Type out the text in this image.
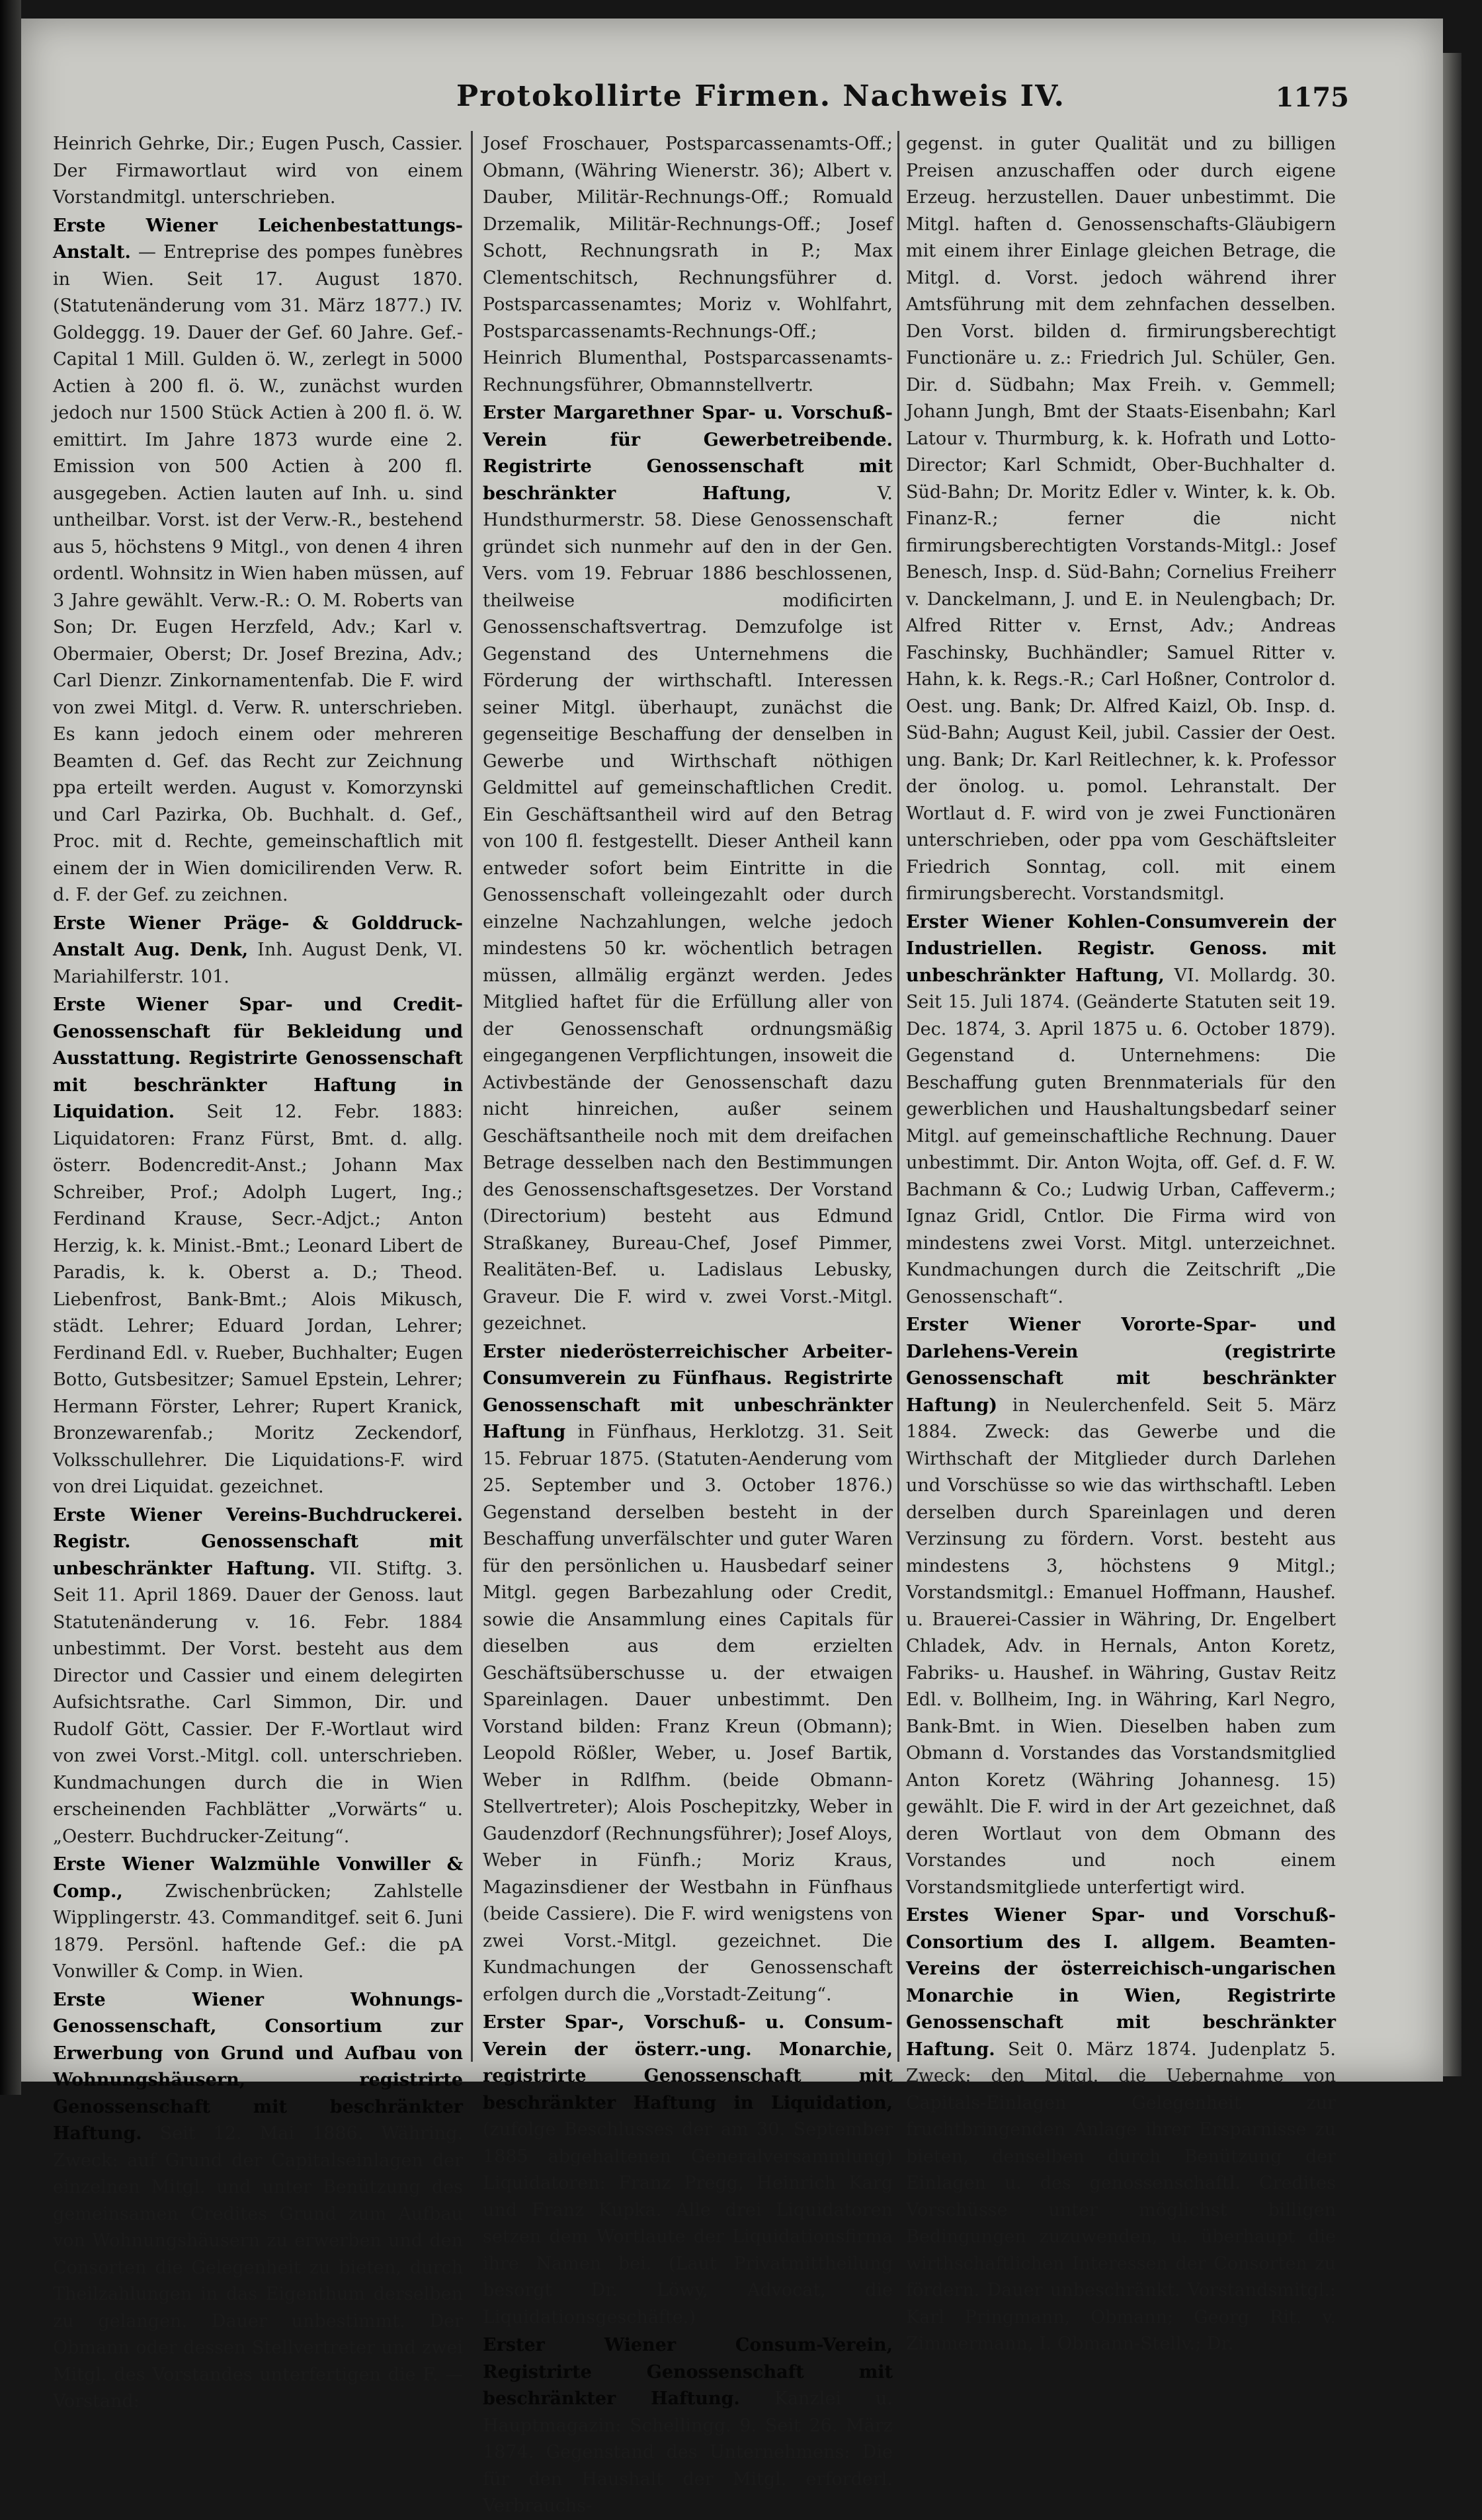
Protokollirte Firmen. Nachweis IV.	1175

Heinrich Gehrke, Dir.; Eugen Pusch, Cassier. Der Firmawortlaut wird von einem Vorstandmitgl. unterschrieben.

Erste Wiener Leichenbestattungs-Anstalt. — Entreprise des pompes funèbres in Wien. Seit 17. August 1870. (Statutenänderung vom 31. März 1877.) IV. Goldeggg. 19. Dauer der Gef. 60 Jahre. Gef.-Capital 1 Mill. Gulden ö. W., zerlegt in 5000 Actien à 200 fl. ö. W., zunächst wurden jedoch nur 1500 Stück Actien à 200 fl. ö. W. emittirt. Im Jahre 1873 wurde eine 2. Emission von 500 Actien à 200 fl. ausgegeben. Actien lauten auf Inh. u. sind untheilbar. Vorst. ist der Verw.-R., bestehend aus 5, höchstens 9 Mitgl., von denen 4 ihren ordentl. Wohnsitz in Wien haben müssen, auf 3 Jahre gewählt. Verw.-R.: O. M. Roberts van Son; Dr. Eugen Herzfeld, Adv.; Karl v. Obermaier, Oberst; Dr. Josef Brezina, Adv.; Carl Dienzr. Zinkornamentenfab. Die F. wird von zwei Mitgl. d. Verw. R. unterschrieben. Es kann jedoch einem oder mehreren Beamten d. Gef. das Recht zur Zeichnung ppa erteilt werden. August v. Komorzynski und Carl Pazirka, Ob. Buchhalt. d. Gef., Proc. mit d. Rechte, gemeinschaftlich mit einem der in Wien domicilirenden Verw. R. d. F. der Gef. zu zeichnen.

Erste Wiener Präge- & Golddruck-Anstalt Aug. Denk, Inh. August Denk, VI. Mariahilferstr. 101.

Erste Wiener Spar- und Credit-Genossenschaft für Bekleidung und Ausstattung. Registrirte Genossenschaft mit beschränkter Haftung in Liquidation. Seit 12. Febr. 1883: Liquidatoren: Franz Fürst, Bmt. d. allg. österr. Bodencredit-Anst.; Johann Max Schreiber, Prof.; Adolph Lugert, Ing.; Ferdinand Krause, Secr.-Adjct.; Anton Herzig, k. k. Minist.-Bmt.; Leonard Libert de Paradis, k. k. Oberst a. D.; Theod. Liebenfrost, Bank-Bmt.; Alois Mikusch, städt. Lehrer; Eduard Jordan, Lehrer; Ferdinand Edl. v. Rueber, Buchhalter; Eugen Botto, Gutsbesitzer; Samuel Epstein, Lehrer; Hermann Förster, Lehrer; Rupert Kranick, Bronzewarenfab.; Moritz Zeckendorf, Volksschullehrer. Die Liquidations-F. wird von drei Liquidat. gezeichnet.

Erste Wiener Vereins-Buchdruckerei. Registr. Genossenschaft mit unbeschränkter Haftung. VII. Stiftg. 3. Seit 11. April 1869. Dauer der Genoss. laut Statutenänderung v. 16. Febr. 1884 unbestimmt. Der Vorst. besteht aus dem Director und Cassier und einem delegirten Aufsichtsrathe. Carl Simmon, Dir. und Rudolf Gött, Cassier. Der F.-Wortlaut wird von zwei Vorst.-Mitgl. coll. unterschrieben. Kundmachungen durch die in Wien erscheinenden Fachblätter „Vorwärts“ u. „Oesterr. Buchdrucker-Zeitung“.

Erste Wiener Walzmühle Vonwiller & Comp., Zwischenbrücken; Zahlstelle Wipplingerstr. 43. Commanditgef. seit 6. Juni 1879. Persönl. haftende Gef.: die pA Vonwiller & Comp. in Wien.

Erste Wiener Wohnungs-Genossenschaft, Consortium zur Erwerbung von Grund und Aufbau von Wohnungshäusern, registrirte Genossenschaft mit beschränkter Haftung. Seit 12. Mai 1886. Währing. Zweck: auf Grund der Capitalseinlagen der einzelnen Mitgl. und unter Benützung des gemeinsamen Credites Grund zum Aufbau von Wohnungshäusern zu erwerben und den Consorten die Gelegenheit zu bieten, durch Theilzahlungen in das Eigenthum derselben zu gelangen. Dauer unbestimmt. Der Obmann oder dessen Stellvertreter und zwei Mitgl. des Vorstandes unterfertigen die F. — Vorstand:

Josef Froschauer, Postsparcassenamts-Off.; Obmann, (Währing Wienerstr. 36); Albert v. Dauber, Militär-Rechnungs-Off.; Romuald Drzemalik, Militär-Rechnungs-Off.; Josef Schott, Rechnungsrath in P.; Max Clementschitsch, Rechnungsführer d. Postsparcassenamtes; Moriz v. Wohlfahrt, Postsparcassenamts-Rechnungs-Off.; Heinrich Blumenthal, Postsparcassenamts-Rechnungsführer, Obmannstellvertr.

Erster Margarethner Spar- u. Vorschuß-Verein für Gewerbetreibende. Registrirte Genossenschaft mit beschränkter Haftung,	V. Hundsthurmerstr. 58. Diese Genossenschaft gründet sich nunmehr auf den in der Gen. Vers. vom 19. Februar 1886 beschlossenen, theilweise modificirten Genossenschaftsvertrag. Demzufolge ist Gegenstand des Unternehmens die Förderung der wirthschaftl. Interessen seiner Mitgl. überhaupt, zunächst die gegenseitige Beschaffung der denselben in Gewerbe und Wirthschaft nöthigen Geldmittel auf gemeinschaftlichen Credit. Ein Geschäftsantheil wird auf den Betrag von 100 fl. festgestellt. Dieser Antheil kann entweder sofort beim Eintritte in die Genossenschaft volleingezahlt oder durch einzelne Nachzahlungen, welche jedoch mindestens 50 kr. wöchentlich betragen müssen, allmälig ergänzt werden. Jedes Mitglied haftet für die Erfüllung aller von der Genossenschaft ordnungsmäßig eingegangenen Verpflichtungen, insoweit die Activbestände der Genossenschaft dazu nicht hinreichen, außer seinem Geschäftsantheile noch mit dem dreifachen Betrage desselben nach den Bestimmungen des Genossenschaftsgesetzes. Der Vorstand (Directorium) besteht aus Edmund Straßkaney, Bureau-Chef, Josef Pimmer, Realitäten-Bef. u. Ladislaus Lebusky, Graveur. Die F. wird v. zwei Vorst.-Mitgl. gezeichnet.

Erster niederösterreichischer Arbeiter-Consumverein zu Fünfhaus. Registrirte Genossenschaft mit unbeschränkter Haftung in Fünfhaus, Herklotzg. 31. Seit 15. Februar 1875. (Statuten-Aenderung vom 25. September und 3. October 1876.) Gegenstand derselben besteht in der Beschaffung unverfälschter und guter Waren für den persönlichen u. Hausbedarf seiner Mitgl. gegen Barbezahlung oder Credit, sowie die Ansammlung eines Capitals für dieselben aus dem erzielten Geschäftsüberschusse u. der etwaigen Spareinlagen. Dauer unbestimmt. Den Vorstand bilden: Franz Kreun (Obmann); Leopold Rößler, Weber, u. Josef Bartik, Weber in Rdlfhm. (beide Obmann-Stellvertreter); Alois Poschepitzky, Weber in Gaudenzdorf (Rechnungsführer); Josef Aloys, Weber in Fünfh.; Moriz Kraus, Magazinsdiener der Westbahn in Fünfhaus (beide Cassiere). Die F. wird wenigstens von zwei Vorst.-Mitgl. gezeichnet. Die Kundmachungen der Genossenschaft erfolgen durch die „Vorstadt-Zeitung“.

Erster Spar-, Vorschuß- u. Consum-Verein der österr.-ung. Monarchie, registrirte Genossenschaft mit beschränkter Haftung in Liquidation, (zufolge Beschlusses der am 30. September 1885 abgehaltenen Generalversammlung) Liquidatoren: Franz Pregg, Heinrich Karg und Franz Kupka. Alle drei Liquidatoren setzen dem Wortlaute der Liquidationsfirma ihre Namen bei. (Laut Privatmittheilung besorgt Dr. Löwy, Advocat, die Liquidationsgeschäfte.)

Erster Wiener Consum-Verein, Registrirte Genossenschaft mit beschränkter Haftung. Kanzlei u. Hauptmagazin: Schellingg. 9. Seit 26. März 1874. Gegenstand des Unternehmens: Die für den Haushalt der Mitgl. erforderl. Verbrauchs-

gegenst. in guter Qualität und zu billigen Preisen anzuschaffen oder durch eigene Erzeug. herzustellen. Dauer unbestimmt. Die Mitgl. haften d. Genossenschafts-Gläubigern mit einem ihrer Einlage gleichen Betrage, die Mitgl. d. Vorst. jedoch während ihrer Amtsführung mit dem zehnfachen desselben. Den Vorst. bilden d. firmirungsberechtigt Functionäre u. z.: Friedrich Jul. Schüler, Gen. Dir. d. Südbahn; Max Freih. v. Gemmell; Johann Jungh, Bmt der Staats-Eisenbahn; Karl Latour v. Thurmburg, k. k. Hofrath und Lotto-Director; Karl Schmidt, Ober-Buchhalter d. Süd-Bahn; Dr. Moritz Edler v. Winter, k. k. Ob. Finanz-R.; ferner die nicht firmirungsberechtigten Vorstands-Mitgl.: Josef Benesch, Insp. d. Süd-Bahn; Cornelius Freiherr v. Danckelmann, J. und E. in Neulengbach; Dr. Alfred Ritter v. Ernst, Adv.; Andreas Faschinsky, Buchhändler; Samuel Ritter v. Hahn, k. k. Regs.-R.; Carl Hoßner, Controlor d. Oest. ung. Bank; Dr. Alfred Kaizl, Ob. Insp. d. Süd-Bahn; August Keil, jubil. Cassier der Oest. ung. Bank; Dr. Karl Reitlechner, k. k. Professor der önolog. u. pomol. Lehranstalt. Der Wortlaut d. F. wird von je zwei Functionären unterschrieben, oder ppa vom Geschäftsleiter Friedrich Sonntag, coll. mit einem firmirungsberecht. Vorstandsmitgl.

Erster Wiener Kohlen-Consumverein der Industriellen. Registr. Genoss. mit unbeschränkter Haftung, VI. Mollardg. 30. Seit 15. Juli 1874. (Geänderte Statuten seit 19. Dec. 1874, 3. April 1875 u. 6. October 1879). Gegenstand d. Unternehmens: Die Beschaffung guten Brennmaterials für den gewerblichen und Haushaltungsbedarf seiner Mitgl. auf gemeinschaftliche Rechnung. Dauer unbestimmt. Dir. Anton Wojta, off. Gef. d. F. W. Bachmann & Co.; Ludwig Urban, Caffeverm.; Ignaz Gridl, Cntlor. Die Firma wird von mindestens zwei Vorst. Mitgl. unterzeichnet. Kundmachungen durch die Zeitschrift „Die Genossenschaft“.

Erster Wiener Vororte-Spar- und Darlehens-Verein (registrirte Genossenschaft mit beschränkter Haftung) in Neulerchenfeld. Seit 5. März 1884. Zweck: das Gewerbe und die Wirthschaft der Mitglieder durch Darlehen und Vorschüsse so wie das wirthschaftl. Leben derselben durch Spareinlagen und deren Verzinsung zu fördern. Vorst. besteht aus mindestens 3, höchstens 9 Mitgl.; Vorstandsmitgl.: Emanuel Hoffmann, Haushef. u. Brauerei-Cassier in Währing, Dr. Engelbert Chladek, Adv. in Hernals, Anton Koretz, Fabriks- u. Haushef. in Währing, Gustav Reitz Edl. v. Bollheim, Ing. in Währing, Karl Negro, Bank-Bmt. in Wien. Dieselben haben zum Obmann d. Vorstandes das Vorstandsmitglied Anton Koretz (Währing Johannesg. 15) gewählt. Die F. wird in der Art gezeichnet, daß deren Wortlaut von dem Obmann des Vorstandes und noch einem Vorstandsmitgliede unterfertigt wird.

Erstes Wiener Spar- und Vorschuß-Consortium des I. allgem. Beamten-Vereins der österreichisch-ungarischen Monarchie in Wien, Registrirte Genossenschaft mit beschränkter Haftung. Seit 0. März 1874. Judenplatz 5. Zweck: den Mitgl. die Uebernahme von Capitals-Einlagen Gelegenheit zur fruchtbringenden Anlage ihrer Ersparnisse zu bieten, denselben durch Benützung der Einlagen u. des genossenschaftl. Credites Vorschüsse unter möglichst billigen Bedingungen zuzuwenden, u. überhaupt die wirthschaftlichen Interessen der Consorten zu fördern. Dauer unbeschränkt. Vorstandsmitgl.: Karl Pringmann, Obmann; Georg Rit. v. Zimmermann, I. Obmann-Stellv.; Dr.
